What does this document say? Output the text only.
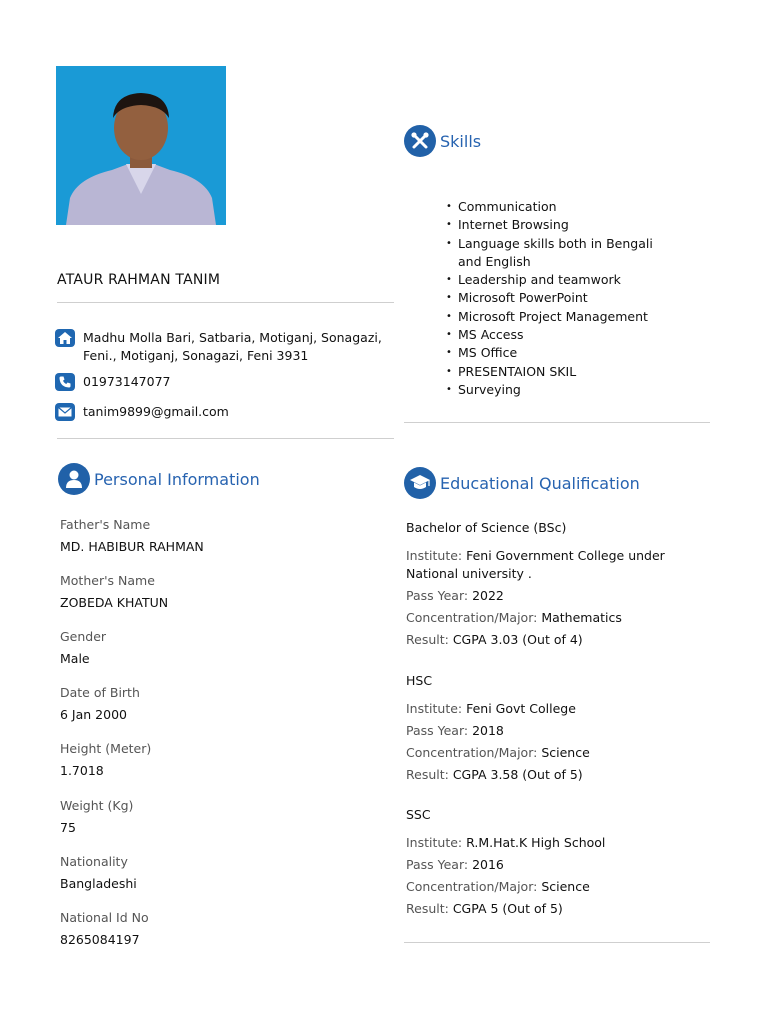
ATAUR RAHMAN TANIM
Madhu Molla Bari, Satbaria, Motiganj, Sonagazi, Feni., Motiganj, Sonagazi, Feni 3931
01973147077
tanim9899@gmail.com
Skills
• Communication
• Internet Browsing
• Language skills both in Bengali and English
• Leadership and teamwork
• Microsoft PowerPoint
• Microsoft Project Management
• MS Access
• MS Office
• PRESENTAION SKIL
• Surveying
Personal Information
Father's Name
MD. HABIBUR RAHMAN
Mother's Name
ZOBEDA KHATUN
Gender
Male
Date of Birth
6 Jan 2000
Height (Meter)
1.7018
Weight (Kg)
75
Nationality
Bangladeshi
National Id No
8265084197
Educational Qualification
Bachelor of Science (BSc)
Institute: Feni Government College under National university .
Pass Year: 2022
Concentration/Major: Mathematics
Result: CGPA 3.03 (Out of 4)
HSC
Institute: Feni Govt College
Pass Year: 2018
Concentration/Major: Science
Result: CGPA 3.58 (Out of 5)
SSC
Institute: R.M.Hat.K High School
Pass Year: 2016
Concentration/Major: Science
Result: CGPA 5 (Out of 5)
